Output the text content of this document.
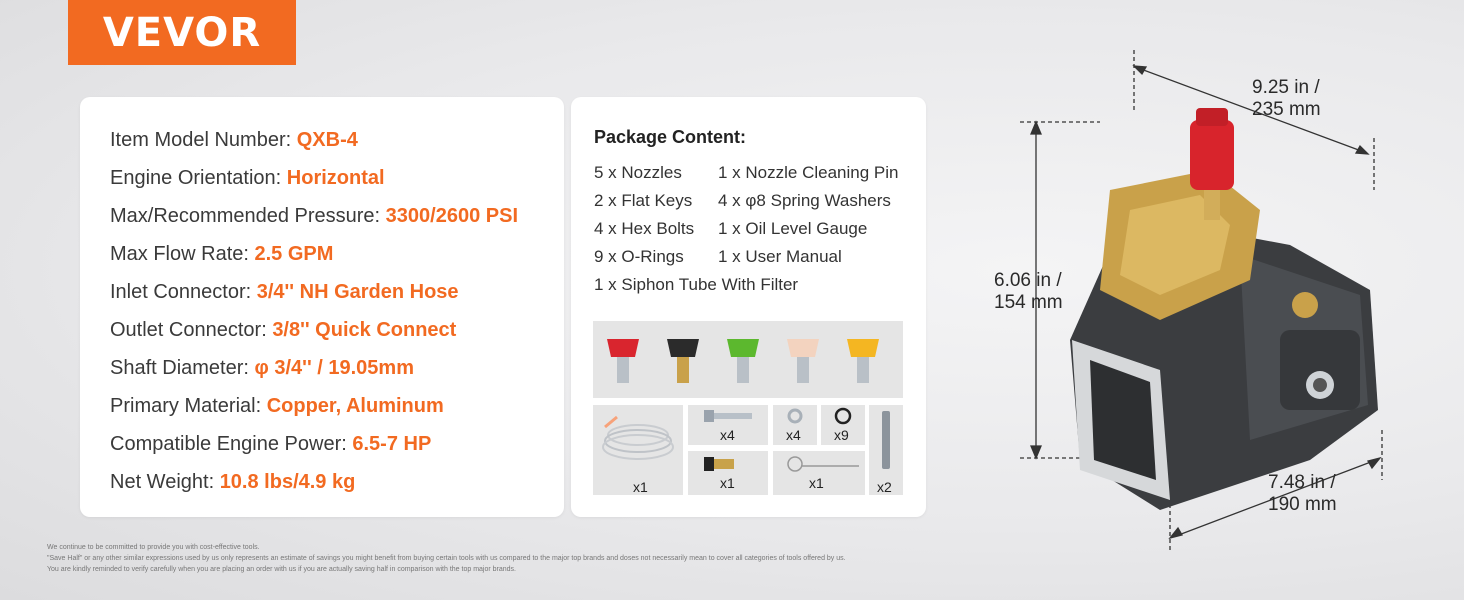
VEVOR
Item Model Number: QXB-4
Engine Orientation: Horizontal
Max/Recommended Pressure: 3300/2600 PSI
Max Flow Rate: 2.5 GPM
Inlet Connector: 3/4'' NH Garden Hose
Outlet Connector: 3/8'' Quick Connect
Shaft Diameter: φ 3/4'' / 19.05mm
Primary Material: Copper, Aluminum
Compatible Engine Power: 6.5-7 HP
Net Weight: 10.8 lbs/4.9 kg
Package Content:
5 x Nozzles 1 x Nozzle Cleaning Pin
2 x Flat Keys 4 x φ8 Spring Washers
4 x Hex Bolts 1 x Oil Level Gauge
9 x O-Rings 1 x User Manual
1 x Siphon Tube With Filter
x1
x4	x4 x9
x2
x1	x1
9.25 in /
235 mm
6.06 in /
154 mm
7.48 in /
190 mm
We continue to be committed to provide you with cost-effective tools.
"Save Half" or any other similar expressions used by us only represents an estimate of savings you might benefit from buying certain tools with us compared to the major top brands and doses not necessarily mean to cover all categories of tools offered by us.
You are kindly reminded to verify carefully when you are placing an order with us if you are actually saving half in comparison with the top major brands.
